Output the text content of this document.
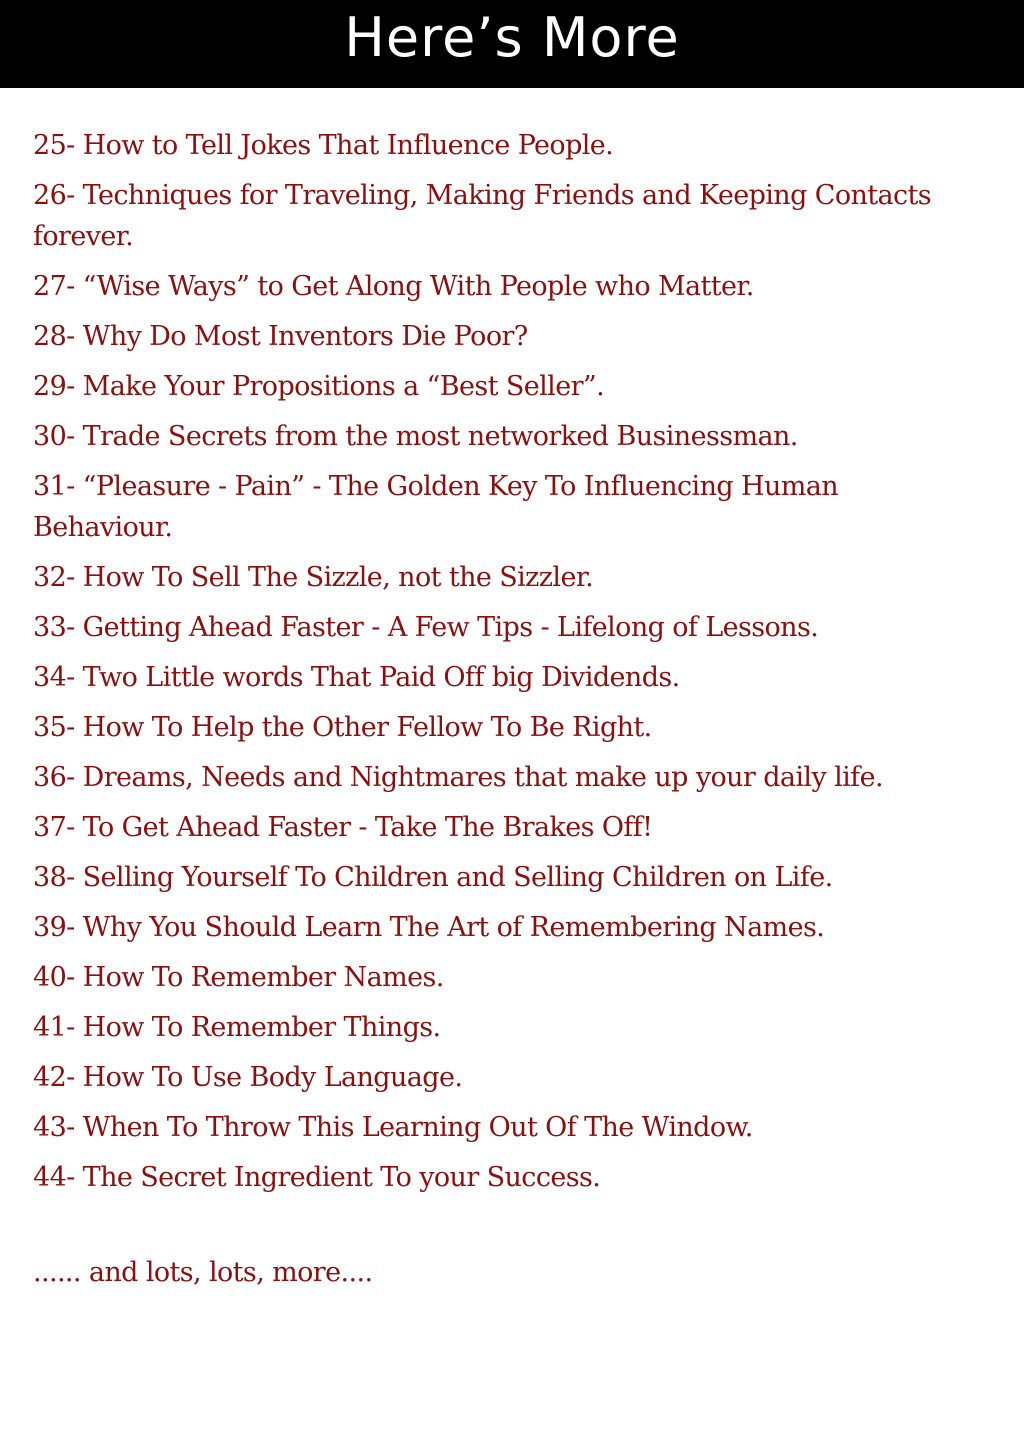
Here’s More

25- How to Tell Jokes That Influence People.

26- Techniques for Traveling, Making Friends and Keeping Contacts forever.

27- “Wise Ways” to Get Along With People who Matter.

28- Why Do Most Inventors Die Poor?

29- Make Your Propositions a “Best Seller”.

30- Trade Secrets from the most networked Businessman.

31- “Pleasure - Pain” - The Golden Key To Influencing Human Behaviour.

32- How To Sell The Sizzle, not the Sizzler.

33- Getting Ahead Faster - A Few Tips - Lifelong of Lessons.

34- Two Little words That Paid Off big Dividends.

35- How To Help the Other Fellow To Be Right.

36- Dreams, Needs and Nightmares that make up your daily life.

37- To Get Ahead Faster - Take The Brakes Off!

38- Selling Yourself To Children and Selling Children on Life.

39- Why You Should Learn The Art of Remembering Names.

40- How To Remember Names.

41- How To Remember Things.

42- How To Use Body Language.

43- When To Throw This Learning Out Of The Window.

44- The Secret Ingredient To your Success.

...... and lots, lots, more....
